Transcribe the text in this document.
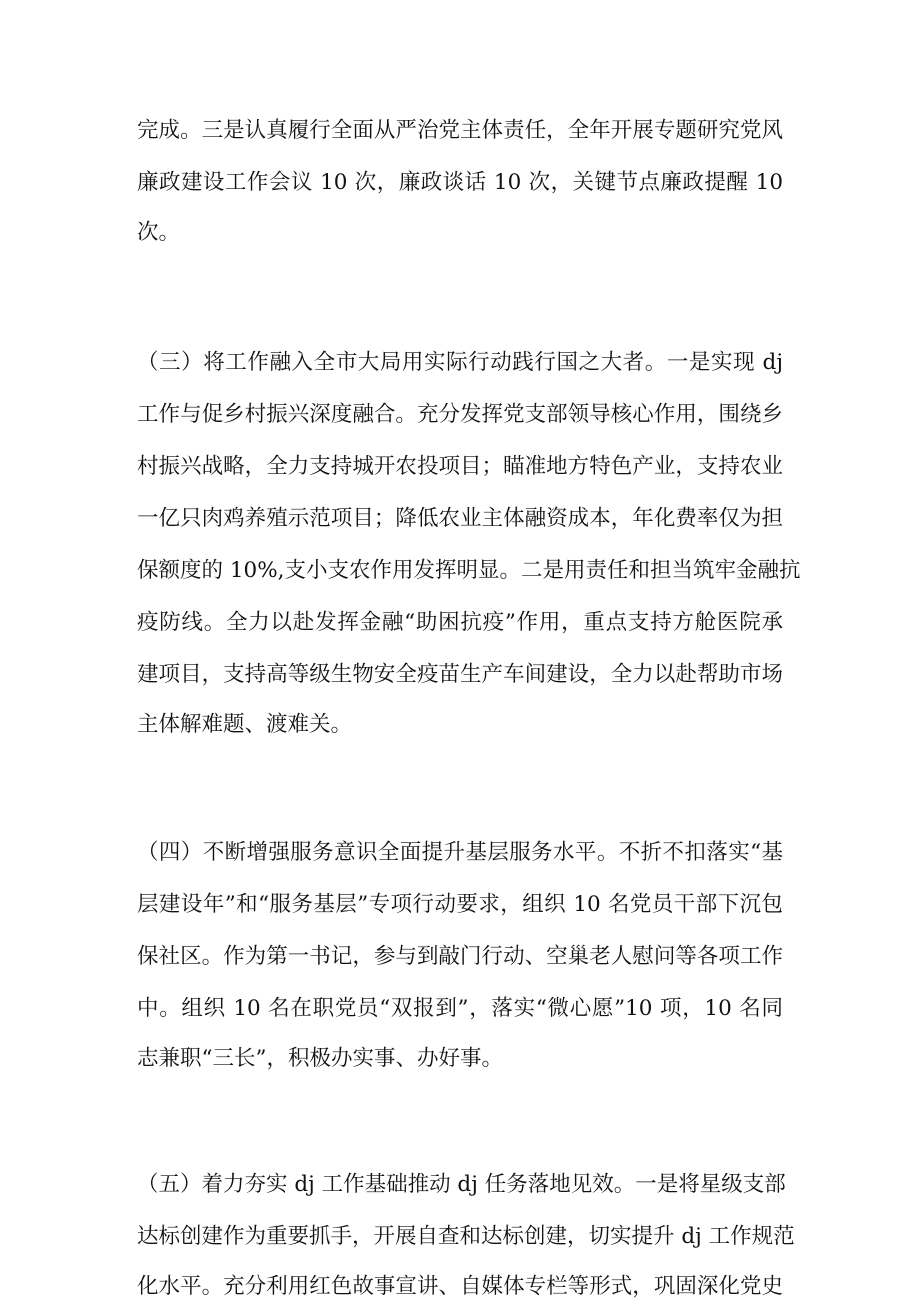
完成。三是认真履行全面从严治党主体责任，全年开展专题研究党风

廉政建设工作会议 10 次，廉政谈话 10 次，关键节点廉政提醒 10

次。

（三）将工作融入全市大局用实际行动践行国之大者。一是实现 dj

工作与促乡村振兴深度融合。充分发挥党支部领导核心作用，围绕乡

村振兴战略，全力支持城开农投项目；瞄准地方特色产业，支持农业

一亿只肉鸡养殖示范项目；降低农业主体融资成本，年化费率仅为担

保额度的 10%,支小支农作用发挥明显。二是用责任和担当筑牢金融抗

疫防线。全力以赴发挥金融“助困抗疫”作用，重点支持方舱医院承

建项目，支持高等级生物安全疫苗生产车间建设，全力以赴帮助市场

主体解难题、渡难关。

（四）不断增强服务意识全面提升基层服务水平。不折不扣落实“基

层建设年”和“服务基层”专项行动要求，组织 10 名党员干部下沉包

保社区。作为第一书记，参与到敲门行动、空巢老人慰问等各项工作

中。组织 10 名在职党员“双报到”，落实“微心愿”10 项，10 名同

志兼职“三长”，积极办实事、办好事。

（五）着力夯实 dj 工作基础推动 dj 任务落地见效。一是将星级支部

达标创建作为重要抓手，开展自查和达标创建，切实提升 dj 工作规范

化水平。充分利用红色故事宣讲、自媒体专栏等形式，巩固深化党史
